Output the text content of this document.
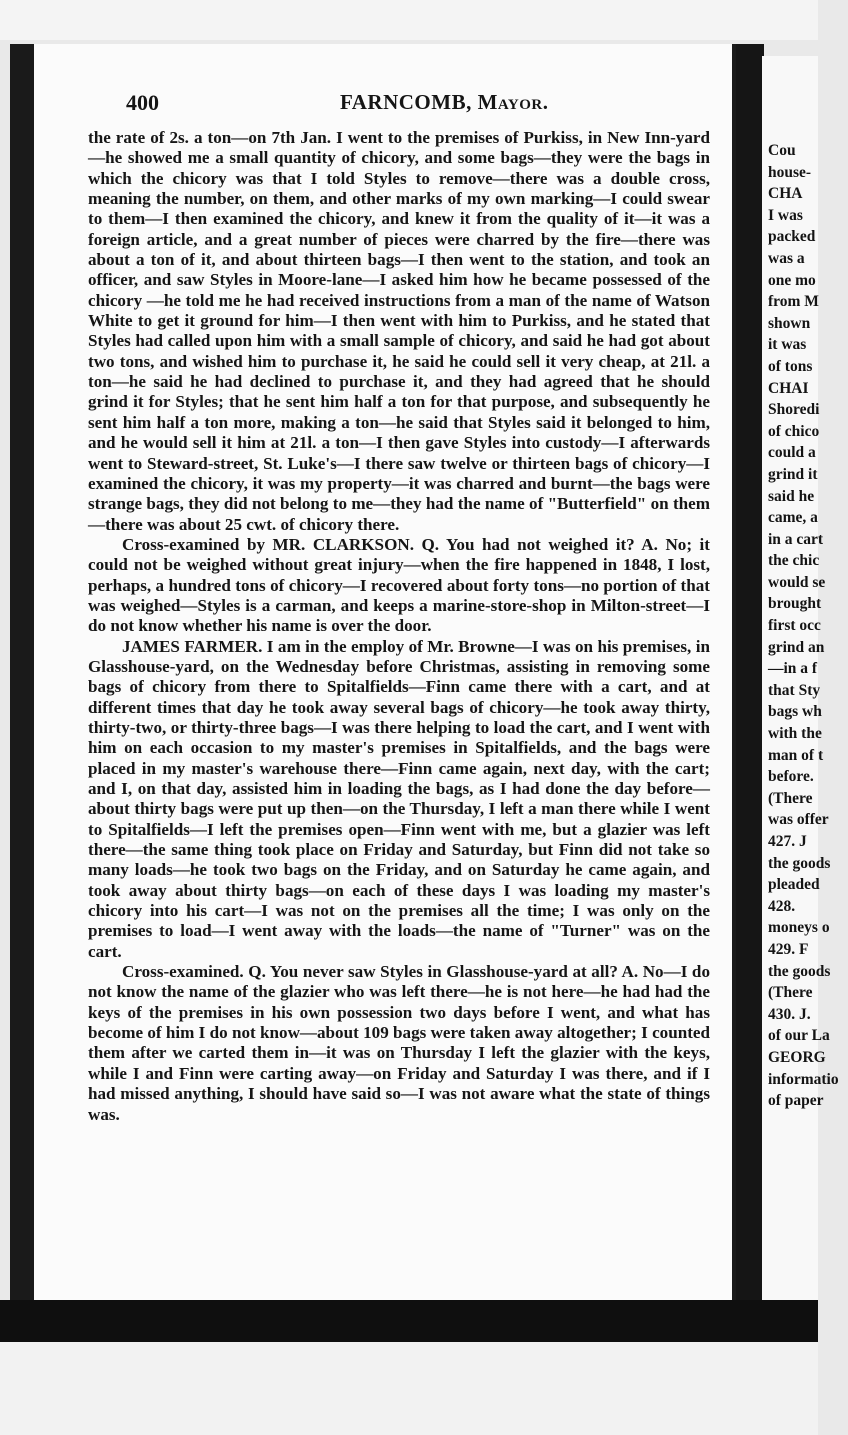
400	FARNCOMB, Mayor.

the rate of 2s. a ton—on 7th Jan. I went to the premises of Purkiss, in New Inn-yard—he showed me a small quantity of chicory, and some bags—they were the bags in which the chicory was that I told Styles to remove—there was a double cross, meaning the number, on them, and other marks of my own marking—I could swear to them—I then examined the chicory, and knew it from the quality of it—it was a foreign article, and a great number of pieces were charred by the fire—there was about a ton of it, and about thirteen bags—I then went to the station, and took an officer, and saw Styles in Moore-lane—I asked him how he became possessed of the chicory —he told me he had received instructions from a man of the name of Watson White to get it ground for him—I then went with him to Purkiss, and he stated that Styles had called upon him with a small sample of chicory, and said he had got about two tons, and wished him to purchase it, he said he could sell it very cheap, at 21l. a ton—he said he had declined to purchase it, and they had agreed that he should grind it for Styles; that he sent him half a ton for that purpose, and subsequently he sent him half a ton more, making a ton—he said that Styles said it belonged to him, and he would sell it him at 21l. a ton—I then gave Styles into custody—I afterwards went to Steward-street, St. Luke's—I there saw twelve or thirteen bags of chicory—I examined the chicory, it was my property—it was charred and burnt—the bags were strange bags, they did not belong to me—they had the name of "Butterfield" on them—there was about 25 cwt. of chicory there.

Cross-examined by MR. CLARKSON. Q. You had not weighed it? A. No; it could not be weighed without great injury—when the fire happened in 1848, I lost, perhaps, a hundred tons of chicory—I recovered about forty tons—no portion of that was weighed—Styles is a carman, and keeps a marine-store-shop in Milton-street—I do not know whether his name is over the door.

JAMES FARMER. I am in the employ of Mr. Browne—I was on his premises, in Glasshouse-yard, on the Wednesday before Christmas, assisting in removing some bags of chicory from there to Spitalfields—Finn came there with a cart, and at different times that day he took away several bags of chicory—he took away thirty, thirty-two, or thirty-three bags—I was there helping to load the cart, and I went with him on each occasion to my master's premises in Spitalfields, and the bags were placed in my master's warehouse there—Finn came again, next day, with the cart; and I, on that day, assisted him in loading the bags, as I had done the day before—about thirty bags were put up then—on the Thursday, I left a man there while I went to Spitalfields—I left the premises open—Finn went with me, but a glazier was left there—the same thing took place on Friday and Saturday, but Finn did not take so many loads—he took two bags on the Friday, and on Saturday he came again, and took away about thirty bags—on each of these days I was loading my master's chicory into his cart—I was not on the premises all the time; I was only on the premises to load—I went away with the loads—the name of "Turner" was on the cart.

Cross-examined. Q. You never saw Styles in Glasshouse-yard at all? A. No—I do not know the name of the glazier who was left there—he is not here—he had had the keys of the premises in his own possession two days before I went, and what has become of him I do not know—about 109 bags were taken away altogether; I counted them after we carted them in—it was on Thursday I left the glazier with the keys, while I and Finn were carting away—on Friday and Saturday I was there, and if I had missed anything, I should have said so—I was not aware what the state of things was.

Cou
house-
CHA
I was
packed
was a
one mo
from M
shown
it was
of tons
CHAI
Shoredi
of chico
could a
grind it
said he
came, a
in a cart
the chic
would se
brought
first occ
grind an
—in a f
that Sty
bags wh
with the
man of t
before.
(There
was offer
427. J
the goods
pleaded
428.
moneys o
429. F
the goods
(There
430. J.
of our La
GEORG
informatio
of paper
